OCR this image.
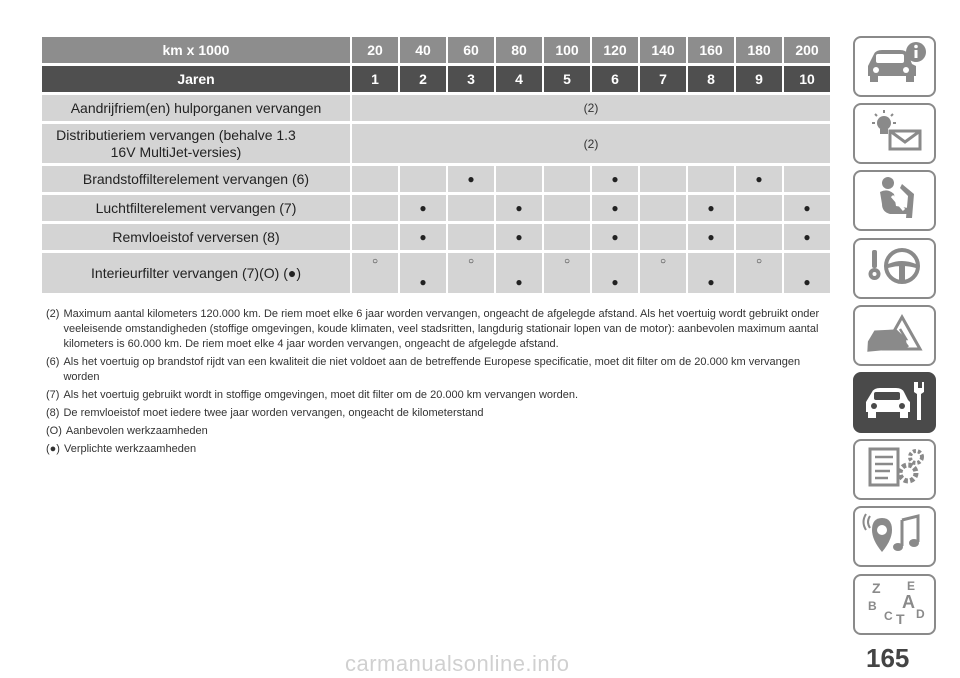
km x 1000	20	40	60	80	100	120	140	160	180	200
Jaren	1	2	3	4	5	6	7	8	9	10
Aandrijfriem(en) hulporganen vervangen	(2)									
Distributieriem vervangen (behalve 1.3 16V MultiJet-versies)	(2)									
Brandstoffilterelement vervangen (6)			●			●			●	

Luchtfilterelement vervangen (7)		●		●		●		●		●

Remvloeistof verversen (8)		●		●		●		●		●

Interieurfilter vervangen (7)(O) (●)	○	●	○	●	○	●	○	●	○	●
(2) Maximum aantal kilometers 120.000 km. De riem moet elke 6 jaar worden vervangen, ongeacht de afgelegde afstand. Als het voertuig wordt gebruikt onder veeleisende omstandigheden (stoffige omgevingen, koude klimaten, veel stadsritten, langdurig stationair lopen van de motor): aanbevolen maximum aantal kilometers is 60.000 km. De riem moet elke 4 jaar worden vervangen, ongeacht de afgelegde afstand.
(6) Als het voertuig op brandstof rijdt van een kwaliteit die niet voldoet aan de betreffende Europese specificatie, moet dit filter om de 20.000 km vervangen worden
(7) Als het voertuig gebruikt wordt in stoffige omgevingen, moet dit filter om de 20.000 km vervangen worden.
(8) De remvloeistof moet iedere twee jaar worden vervangen, ongeacht de kilometerstand
(O) Aanbevolen werkzaamheden
(●) Verplichte werkzaamheden
Z E
B A
C T D
165
carmanualsonline.info
